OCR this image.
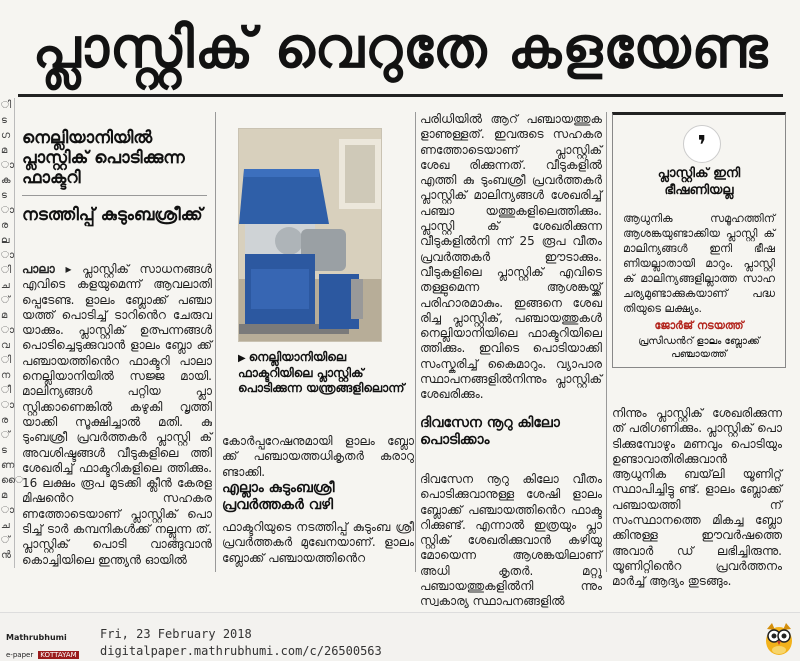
ി
ട
ഗ
മ
ാ
ക
ട
ാ
ര
ല
ാ
ി
ച
്
മ
ാ
വ
ി
ന
ീ
ാ
ര
്
ട
ണ
ൈ
മ
ാ
ച
്
ൻ
പ്ലാസ്റ്റിക് വെറുതേ കളയേണ്ട
നെല്ലിയാനിയിൽ പ്ലാസ്റ്റിക് പൊടിക്കുന്ന ഫാക്ടറി
നടത്തിപ്പ് കുടുംബശ്രീക്ക്

പാലാ ▸ പ്ലാസ്റ്റിക് സാധനങ്ങൾ എവിടെ കളയുമെന്ന് ആവലാതി പ്പെടേണ്ട. ളാലം ബ്ലോക്ക് പഞ്ചാ യത്ത് പൊടിച്ച് ടാറിൻെറ ചേരുവ യാക്കും. പ്ലാസ്റ്റിക് ഉത്പന്നങ്ങൾ പൊടിച്ചെടുക്കുവാൻ ളാലം ബ്ലോ ക്ക് പഞ്ചായത്തിൻെറ ഫാക്ടറി പാലാ നെല്ലിയാനിയിൽ സജ്ജ മായി. മാലിന്യങ്ങൾ പറ്റിയ പ്ലാ സ്റ്റിക്കാണെങ്കിൽ കഴുകി വൃത്തി യാക്കി സൂക്ഷിച്ചാൽ മതി. കു ടുംബശ്രീ പ്രവർത്തകർ പ്ലാസ്റ്റി ക് അവശിഷ്ടങ്ങൾ വീടുകളിലെ ത്തി ശേഖരിച്ച് ഫാക്ടറികളിലെ ത്തിക്കും. 16 ലക്ഷം രൂപ മുടക്കി ക്ലീൻ കേരള മിഷൻെറ സഹകര ണത്തോടെയാണ് പ്ലാസ്റ്റിക് പൊ ടിച്ച് ടാർ കമ്പനികൾക്ക് നല്ലുന്ന ത്. പ്ലാസ്റ്റിക് പൊടി വാങ്ങുവാൻ കൊച്ചിയിലെ ഇന്ത്യൻ ഓയിൽ

▶ നെല്ലിയാനിയിലെ ഫാക്ടറിയിലെ പ്ലാസ്റ്റിക് പൊടിക്കുന്ന യന്ത്രങ്ങളിലൊന്ന്

കോർപ്പറേഷനുമായി ളാലം ബ്ലോ ക്ക് പഞ്ചായത്തധികൃതർ കരാറു ണ്ടാക്കി.

എല്ലാം കുടുംബശ്രീ പ്രവർത്തകർ വഴി

ഫാക്ടറിയുടെ നടത്തിപ്പ് കുടുംബ ശ്രീ പ്രവർത്തകർ മുഖേനയാണ്. ളാലം ബ്ലോക്ക് പഞ്ചായത്തിൻെറ

പരിധിയിൽ ആറ് പഞ്ചായത്തുക ളാണുള്ളത്. ഇവരുടെ സഹകര ണത്തോടെയാണ് പ്ലാസ്റ്റിക് ശേഖ രിക്കുന്നത്. വീടുകളിൽ എത്തി കു ടുംബശ്രീ പ്രവർത്തകർ പ്ലാസ്റ്റിക് മാലിന്യങ്ങൾ ശേഖരിച്ച് പഞ്ചാ യത്തുകളിലെത്തിക്കും. പ്ലാസ്റ്റി ക് ശേഖരിക്കുന്ന വീടുകളിൽനി ന്ന് 25 രൂപ വീതം പ്രവർത്തകർ ഈടാക്കും. വീടുകളിലെ പ്ലാസ്റ്റിക് എവിടെ തള്ളുമെന്ന ആശങ്കയ്ക്ക് പരിഹാരമാകും. ഇങ്ങനെ ശേഖ രിച്ച പ്ലാസ്റ്റിക്, പഞ്ചായത്തുകൾ നെല്ലിയാനിയിലെ ഫാക്ടറിയിലെ ത്തിക്കും. ഇവിടെ പൊടിയാക്കി സംസ്കരിച്ച് കൈമാറും. വ്യാപാര സ്ഥാപനങ്ങളിൽനിന്നും പ്ലാസ്റ്റിക് ശേഖരിക്കും.

ദിവസേന നൂറു കിലോ പൊടിക്കാം

ദിവസേന നൂറു കിലോ വീതം പൊടിക്കുവാനുള്ള ശേഷി ളാലം ബ്ലോക്ക് പഞ്ചായത്തിൻെറ ഫാക്ട റിക്കുണ്ട്. എന്നാൽ ഇത്രയും പ്ലാ സ്റ്റിക് ശേഖരിക്കുവാൻ കഴിയു മോയെന്ന ആശങ്കയിലാണ് അധി കൃതർ. മറ്റു പഞ്ചായത്തുകളിൽനി ന്നും സ്വകാര്യ സ്ഥാപനങ്ങളിൽ

❜
പ്ലാസ്റ്റിക് ഇനി ഭീഷണിയല്ല
ആധുനിക സമൂഹത്തിന് ആശങ്കയുണ്ടാക്കിയ പ്ലാസ്റ്റി ക് മാലിന്യങ്ങൾ ഇനി ഭീഷ ണിയല്ലാതായി മാറും. പ്ലാസ്റ്റി ക് മാലിന്യങ്ങളില്ലാത്ത സാഹ ചര്യമുണ്ടാക്കുകയാണ് പദ്ധ തിയുടെ ലക്ഷ്യം.
ജോർജ് നടയത്ത്
പ്രസിഡൻറ് ളാലം ബ്ലോക്ക് പഞ്ചായത്ത്

നിന്നും പ്ലാസ്റ്റിക് ശേഖരിക്കുന്ന ത് പരിഗണിക്കും. പ്ലാസ്റ്റിക് പൊ ടിക്കുമ്പോഴും മണവും പൊടിയും ഉണ്ടാവാതിരിക്കുവാൻ ആധുനിക ബയ്‌ലി യൂണിറ്റ് സ്ഥാപിച്ചിട്ടു ണ്ട്. ളാലം ബ്ലോക്ക് പഞ്ചായത്തി ന് സംസ്ഥാനത്തെ മികച്ച ബ്ലോ ക്കിനുള്ള ഈവർഷത്തെ അവാർ ഡ് ലഭിച്ചിരുന്നു. യൂണിറ്റിൻെറ പ്രവർത്തനം മാർച്ച് ആദ്യം തുടങ്ങും.

Mathrubhumi
e-paper KOTTAYAM
Fri, 23 February 2018
digitalpaper.mathrubhumi.com/c/26500563
